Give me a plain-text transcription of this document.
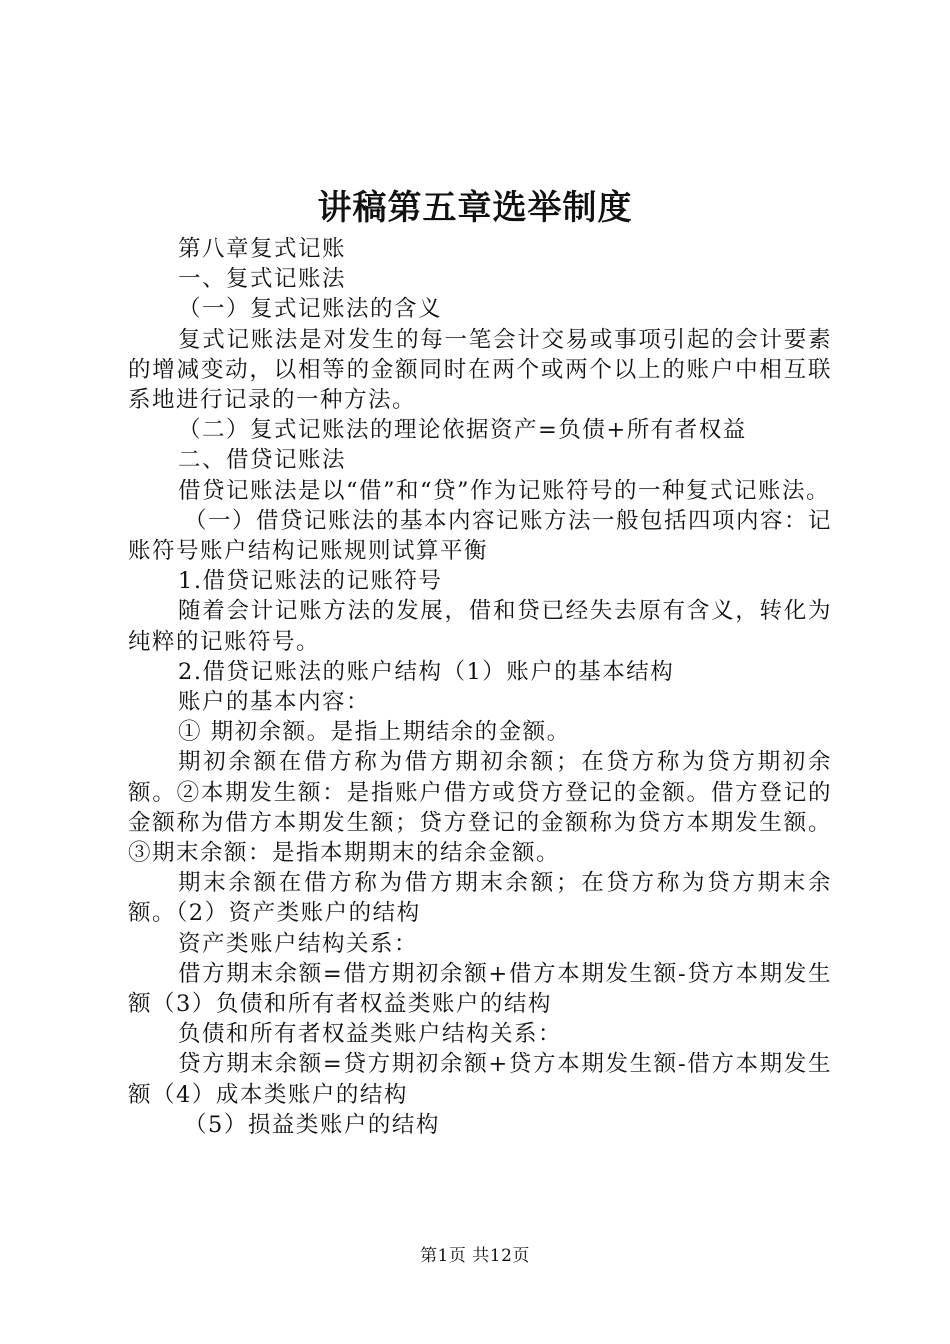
讲稿第五章选举制度

第八章复式记账

一、复式记账法

（一）复式记账法的含义

复式记账法是对发生的每一笔会计交易或事项引起的会计要素的增减变动，以相等的金额同时在两个或两个以上的账户中相互联系地进行记录的一种方法。

（二）复式记账法的理论依据资产=负债+所有者权益

二、借贷记账法

借贷记账法是以“借”和“贷”作为记账符号的一种复式记账法。

（一）借贷记账法的基本内容记账方法一般包括四项内容：记账符号账户结构记账规则试算平衡

1.借贷记账法的记账符号

随着会计记账方法的发展，借和贷已经失去原有含义，转化为纯粹的记账符号。

2.借贷记账法的账户结构（1）账户的基本结构

账户的基本内容：

① 期初余额。是指上期结余的金额。

期初余额在借方称为借方期初余额；在贷方称为贷方期初余额。②本期发生额：是指账户借方或贷方登记的金额。借方登记的金额称为借方本期发生额；贷方登记的金额称为贷方本期发生额。③期末余额：是指本期期末的结余金额。

期末余额在借方称为借方期末余额；在贷方称为贷方期末余额。（2）资产类账户的结构

资产类账户结构关系：

借方期末余额=借方期初余额+借方本期发生额-贷方本期发生额（3）负债和所有者权益类账户的结构

负债和所有者权益类账户结构关系：

贷方期末余额=贷方期初余额+贷方本期发生额-借方本期发生额（4）成本类账户的结构

（5）损益类账户的结构

第1页 共12页
